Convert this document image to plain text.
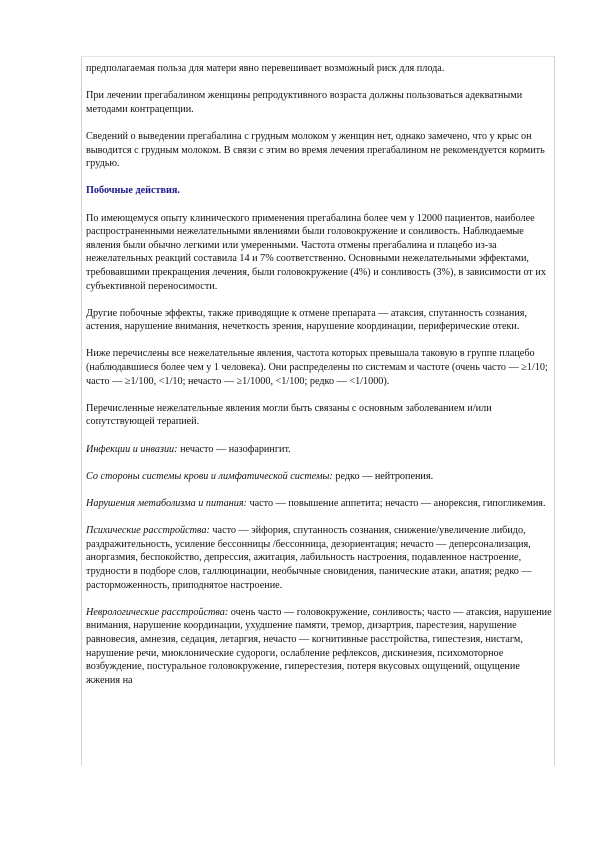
предполагаемая польза для матери явно перевешивает возможный риск для плода.

При лечении прегабалином женщины репродуктивного возраста должны пользоваться адекватными методами контрацепции.

Сведений о выведении прегабалина с грудным молоком у женщин нет, однако замечено, что у крыс он выводится с грудным молоком. В связи с этим во время лечения прегабалином не рекомендуется кормить грудью.

Побочные действия.

По имеющемуся опыту клинического применения прегабалина более чем у 12000 пациентов, наиболее распространенными нежелательными явлениями были головокружение и сонливость. Наблюдаемые явления были обычно легкими или умеренными. Частота отмены прегабалина и плацебо из-за нежелательных реакций составила 14 и 7% соответственно. Основными нежелательными эффектами, требовавшими прекращения лечения, были головокружение (4%) и сонливость (3%), в зависимости от их субъективной переносимости.

Другие побочные эффекты, также приводящие к отмене препарата — атаксия, спутанность сознания, астения, нарушение внимания, нечеткость зрения, нарушение координации, периферические отеки.

Ниже перечислены все нежелательные явления, частота которых превышала таковую в группе плацебо (наблюдавшиеся более чем у 1 человека). Они распределены по системам и частоте (очень часто — ≥1/10; часто — ≥1/100, <1/10; нечасто — ≥1/1000, <1/100; редко — <1/1000).

Перечисленные нежелательные явления могли быть связаны с основным заболеванием и/или сопутствующей терапией.

Инфекции и инвазии: нечасто — назофарингит.

Со стороны системы крови и лимфатической системы: редко — нейтропения.

Нарушения метаболизма и питания: часто — повышение аппетита; нечасто — анорексия, гипогликемия.

Психические расстройства: часто — эйфория, спутанность сознания, снижение/увеличение либидо, раздражительность, усиление бессонницы /бессонница, дезориентация; нечасто — деперсонализация, аноргазмия, беспокойство, депрессия, ажитация, лабильность настроения, подавленное настроение, трудности в подборе слов, галлюцинации, необычные сновидения, панические атаки, апатия; редко — расторможенность, приподнятое настроение.

Неврологические расстройства: очень часто — головокружение, сонливость; часто — атаксия, нарушение внимания, нарушение координации, ухудшение памяти, тремор, дизартрия, парестезия, нарушение равновесия, амнезия, седация, летаргия, нечасто — когнитивные расстройства, гипестезия, нистагм, нарушение речи, миоклонические судороги, ослабление рефлексов, дискинезия, психомоторное возбуждение, постуральное головокружение, гиперестезия, потеря вкусовых ощущений, ощущение жжения на
